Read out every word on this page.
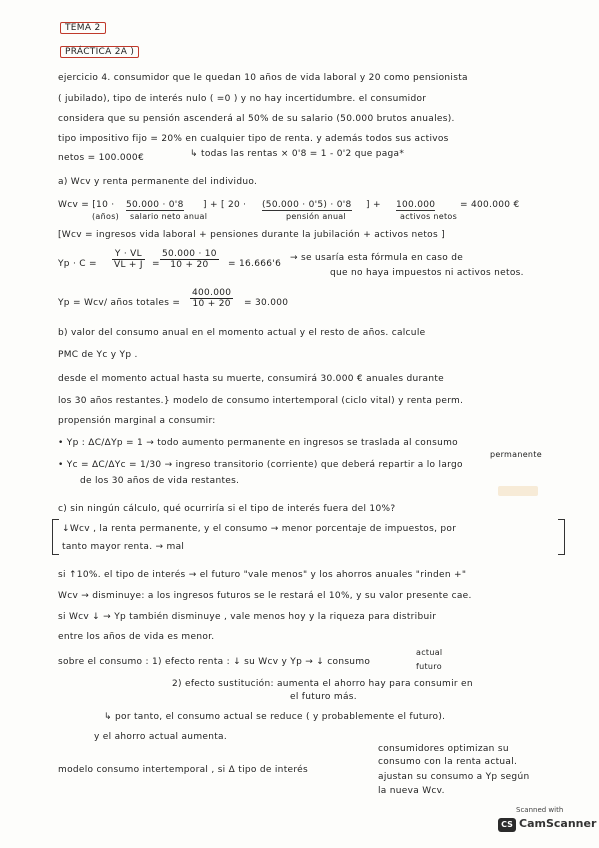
TEMA 2
PRÁCTICA 2A )
ejercicio 4. consumidor que le quedan 10 años de vida laboral y 20 como pensionista
( jubilado), tipo de interés nulo ( =0 ) y no hay incertidumbre. el consumidor
considera que su pensión ascenderá al 50% de su salario (50.000 brutos anuales).
tipo impositivo fijo = 20% en cualquier tipo de renta. y además todos sus activos
netos = 100.000€	↳ todas las rentas × 0'8 = 1 - 0'2 que paga*
a) Wcv y renta permanente del individuo.
Wcv = [10 · 50.000 · 0'8 ] + [ 20 · (50.000 · 0'5) · 0'8 ] + 100.000	= 400.000 €
(años) salario neto anual	pensión anual	activos netos
[Wcv = ingresos vida laboral + pensiones durante la jubilación + activos netos ]
$Yp \cdot C = \frac{Y \cdot VL}{VL + J} = \frac{50.000 \cdot 10}{10 + 20} = 16.666'6$
→ se usaría esta fórmula en caso de
que no haya impuestos ni activos netos.
Yp = Wcv/ años totales = $\frac{400.000}{10 + 20} = 30.000$
b) valor del consumo anual en el momento actual y el resto de años. calcule
PMC de Yc y Yp .
desde el momento actual hasta su muerte, consumirá 30.000 € anuales durante
los 30 años restantes.} modelo de consumo intertemporal (ciclo vital) y renta perm.
propensión marginal a consumir:
• Yp : ΔC/ΔYp = 1 → todo aumento permanente en ingresos se traslada al consumo
permanente
• Yc = ΔC/ΔYc = 1/30 → ingreso transitorio (corriente) que deberá repartir a lo largo
de los 30 años de vida restantes.
c) sin ningún cálculo, qué ocurriría si el tipo de interés fuera del 10%?
↓Wcv , la renta permanente, y el consumo → menor porcentaje de impuestos, por
tanto mayor renta. → mal
si ↑10%. el tipo de interés → el futuro "vale menos" y los ahorros anuales "rinden +"
Wcv → disminuye: a los ingresos futuros se le restará el 10%, y su valor presente cae.
si Wcv ↓ → Yp también disminuye , vale menos hoy y la riqueza para distribuir
entre los años de vida es menor.
sobre el consumo : 1) efecto renta : ↓ su Wcv y Yp → ↓ consumo
actual
futuro
2) efecto sustitución: aumenta el ahorro hay para consumir en
el futuro más.
↳ por tanto, el consumo actual se reduce ( y probablemente el futuro).
y el ahorro actual aumenta.
modelo consumo intertemporal , si Δ tipo de interés
consumidores optimizan su
consumo con la renta actual.
ajustan su consumo a Yp según
la nueva Wcv.
Scanned with
CS CamScanner
